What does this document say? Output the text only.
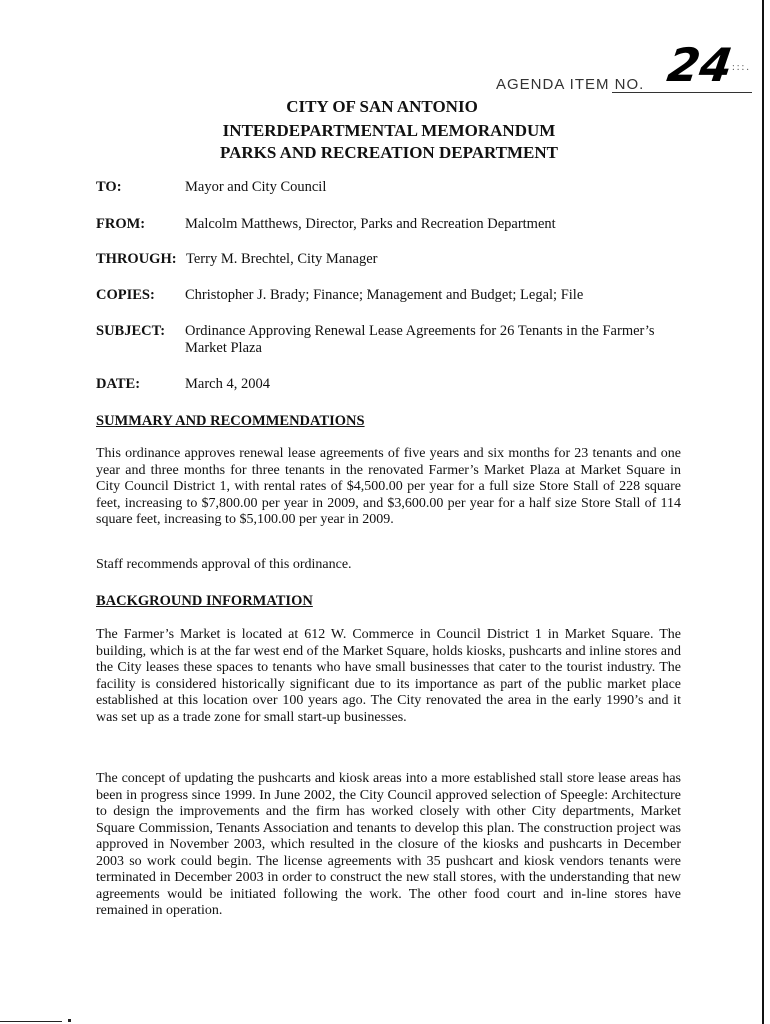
AGENDA ITEM NO. 24
:::.
CITY OF SAN ANTONIO
INTERDEPARTMENTAL MEMORANDUM
PARKS AND RECREATION DEPARTMENT
TO:	Mayor and City Council
FROM:	Malcolm Matthews, Director, Parks and Recreation Department
THROUGH: Terry M. Brechtel, City Manager
COPIES: Christopher J. Brady; Finance; Management and Budget; Legal; File
SUBJECT: Ordinance Approving Renewal Lease Agreements for 26 Tenants in the Farmer’s Market Plaza
DATE:	March 4, 2004
SUMMARY AND RECOMMENDATIONS
This ordinance approves renewal lease agreements of five years and six months for 23 tenants and one year and three months for three tenants in the renovated Farmer’s Market Plaza at Market Square in City Council District 1, with rental rates of $4,500.00 per year for a full size Store Stall of 228 square feet, increasing to $7,800.00 per year in 2009, and $3,600.00 per year for a half size Store Stall of 114 square feet, increasing to $5,100.00 per year in 2009.
Staff recommends approval of this ordinance.
BACKGROUND INFORMATION
The Farmer’s Market is located at 612 W. Commerce in Council District 1 in Market Square. The building, which is at the far west end of the Market Square, holds kiosks, pushcarts and inline stores and the City leases these spaces to tenants who have small businesses that cater to the tourist industry. The facility is considered historically significant due to its importance as part of the public market place established at this location over 100 years ago. The City renovated the area in the early 1990’s and it was set up as a trade zone for small start-up businesses.
The concept of updating the pushcarts and kiosk areas into a more established stall store lease areas has been in progress since 1999. In June 2002, the City Council approved selection of Speegle: Architecture to design the improvements and the firm has worked closely with other City departments, Market Square Commission, Tenants Association and tenants to develop this plan. The construction project was approved in November 2003, which resulted in the closure of the kiosks and pushcarts in December 2003 so work could begin. The license agreements with 35 pushcart and kiosk vendors tenants were terminated in December 2003 in order to construct the new stall stores, with the understanding that new agreements would be initiated following the work. The other food court and in-line stores have remained in operation.
